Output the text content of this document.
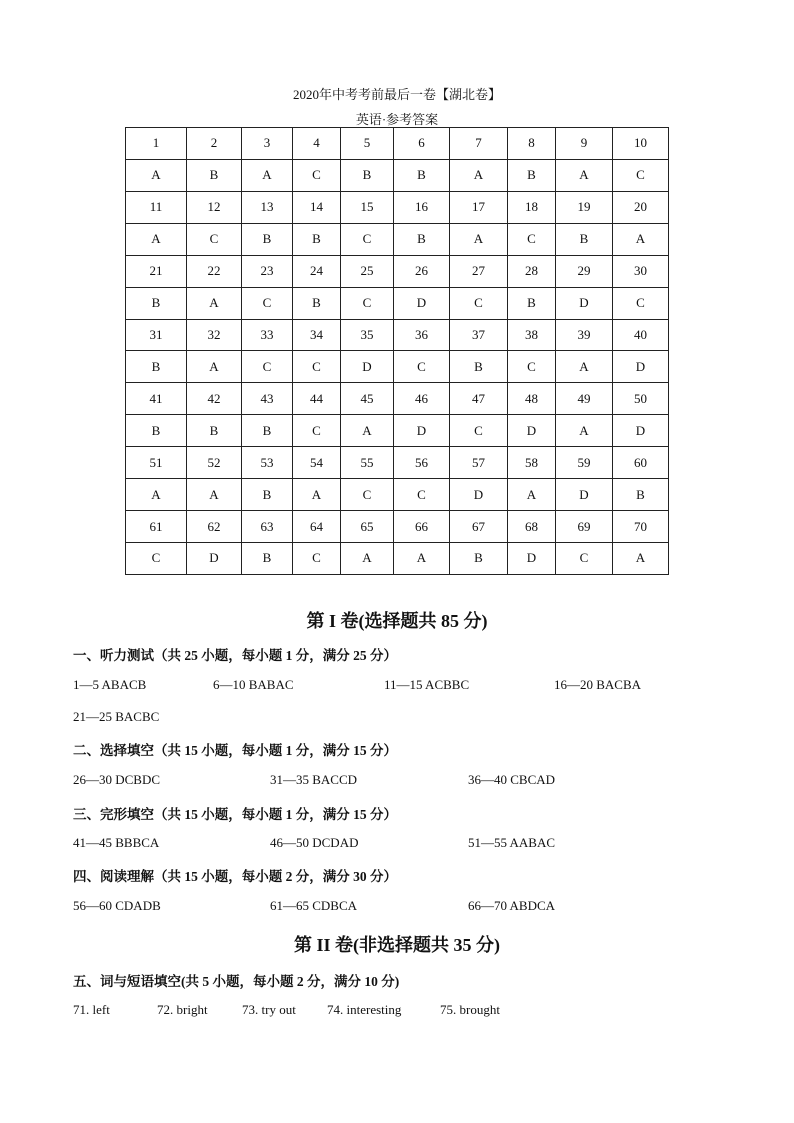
2020年中考考前最后一卷【湖北卷】
英语·参考答案
1	2	3	4	5	6	7	8	9	10
A	B	A	C	B	B	A	B	A	C
11	12	13	14	15	16	17	18	19	20
A	C	B	B	C	B	A	C	B	A
21	22	23	24	25	26	27	28	29	30
B	A	C	B	C	D	C	B	D	C
31	32	33	34	35	36	37	38	39	40
B	A	C	C	D	C	B	C	A	D
41	42	43	44	45	46	47	48	49	50
B	B	B	C	A	D	C	D	A	D
51	52	53	54	55	56	57	58	59	60
A	A	B	A	C	C	D	A	D	B
61	62	63	64	65	66	67	68	69	70
C	D	B	C	A	A	B	D	C	A
第 I 卷(选择题共 85 分)
一、听力测试（共 25 小题，每小题 1 分，满分 25 分）
1—5 ABACB	6—10 BABAC	11—15 ACBBC	16—20 BACBA
21—25 BACBC
二、选择填空（共 15 小题，每小题 1 分，满分 15 分）
26—30 DCBDC	31—35 BACCD	36—40 CBCAD
三、完形填空（共 15 小题，每小题 1 分，满分 15 分）
41—45 BBBCA	46—50 DCDAD	51—55 AABAC
四、阅读理解（共 15 小题，每小题 2 分，满分 30 分）
56—60 CDADB	61—65 CDBCA	66—70 ABDCA
第 II 卷(非选择题共 35 分)
五、词与短语填空(共 5 小题，每小题 2 分，满分 10 分)
71. left	72. bright	73. try out 74. interesting	75. brought
